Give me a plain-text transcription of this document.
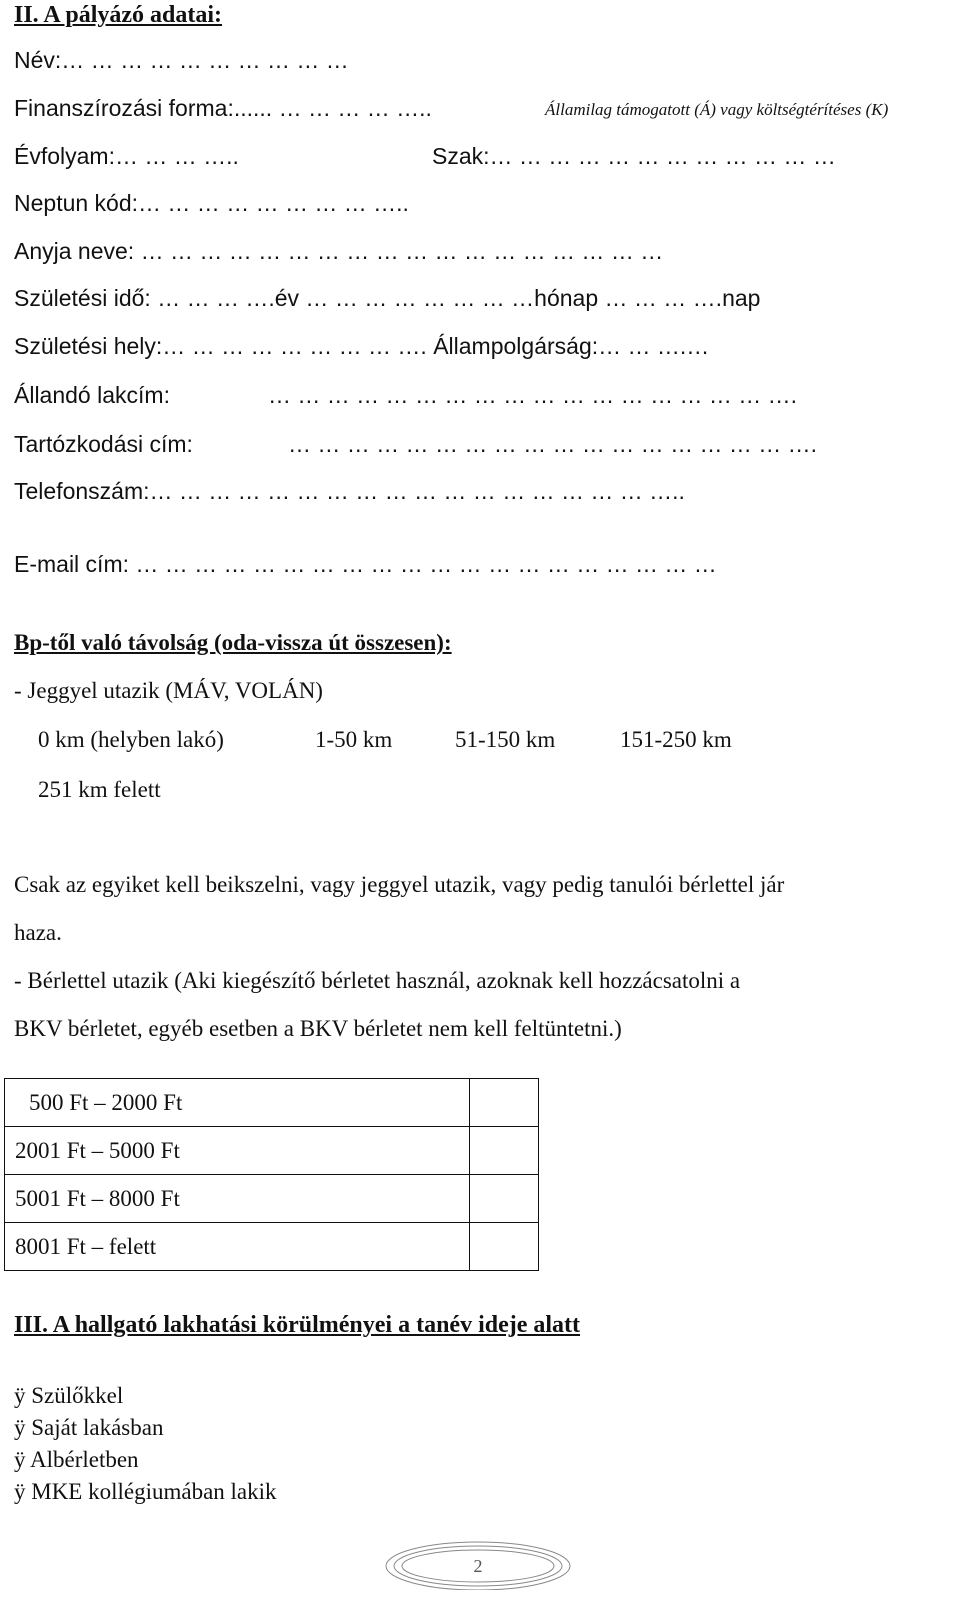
II. A pályázó adatai:
Név:… … … … … … … … … …
Finanszírozási forma:...... … … … … …..	Államilag támogatott (Á) vagy költségtérítéses (K)
Évfolyam:… … … …..	Szak:… … … … … … … … … … … …
Neptun kód:… … … … … … … … …..
Anyja neve: … … … … … … … … … … … … … … … … … …
Születési idő: … … … ….év … … … … … … … …hónap … … … ….nap
Születési hely:… … … … … … … … …. Állampolgárság:… … ….…
Állandó lakcím:	… … … … … … … … … … … … … … … … … ….
Tartózkodási cím:	… … … … … … … … … … … … … … … … … ….
Telefonszám:… … … … … … … … … … … … … … … … … …..
E-mail cím: … … … … … … … … … … … … … … … … … … … …
Bp-től való távolság (oda-vissza út összesen):
- Jeggyel utazik (MÁV, VOLÁN)
0 km (helyben lakó)	1-50 km	51-150 km	151-250 km
251 km felett
Csak az egyiket kell beikszelni, vagy jeggyel utazik, vagy pedig tanulói bérlettel jár
haza.
- Bérlettel utazik (Aki kiegészítő bérletet használ, azoknak kell hozzácsatolni a
BKV bérletet, egyéb esetben a BKV bérletet nem kell feltüntetni.)
500 Ft – 2000 Ft	
2001 Ft – 5000 Ft	
5001 Ft – 8000 Ft	
8001 Ft – felett	
III. A hallgató lakhatási körülményei a tanév ideje alatt
ÿ Szülőkkel
ÿ Saját lakásban
ÿ Albérletben
ÿ MKE kollégiumában lakik
2
